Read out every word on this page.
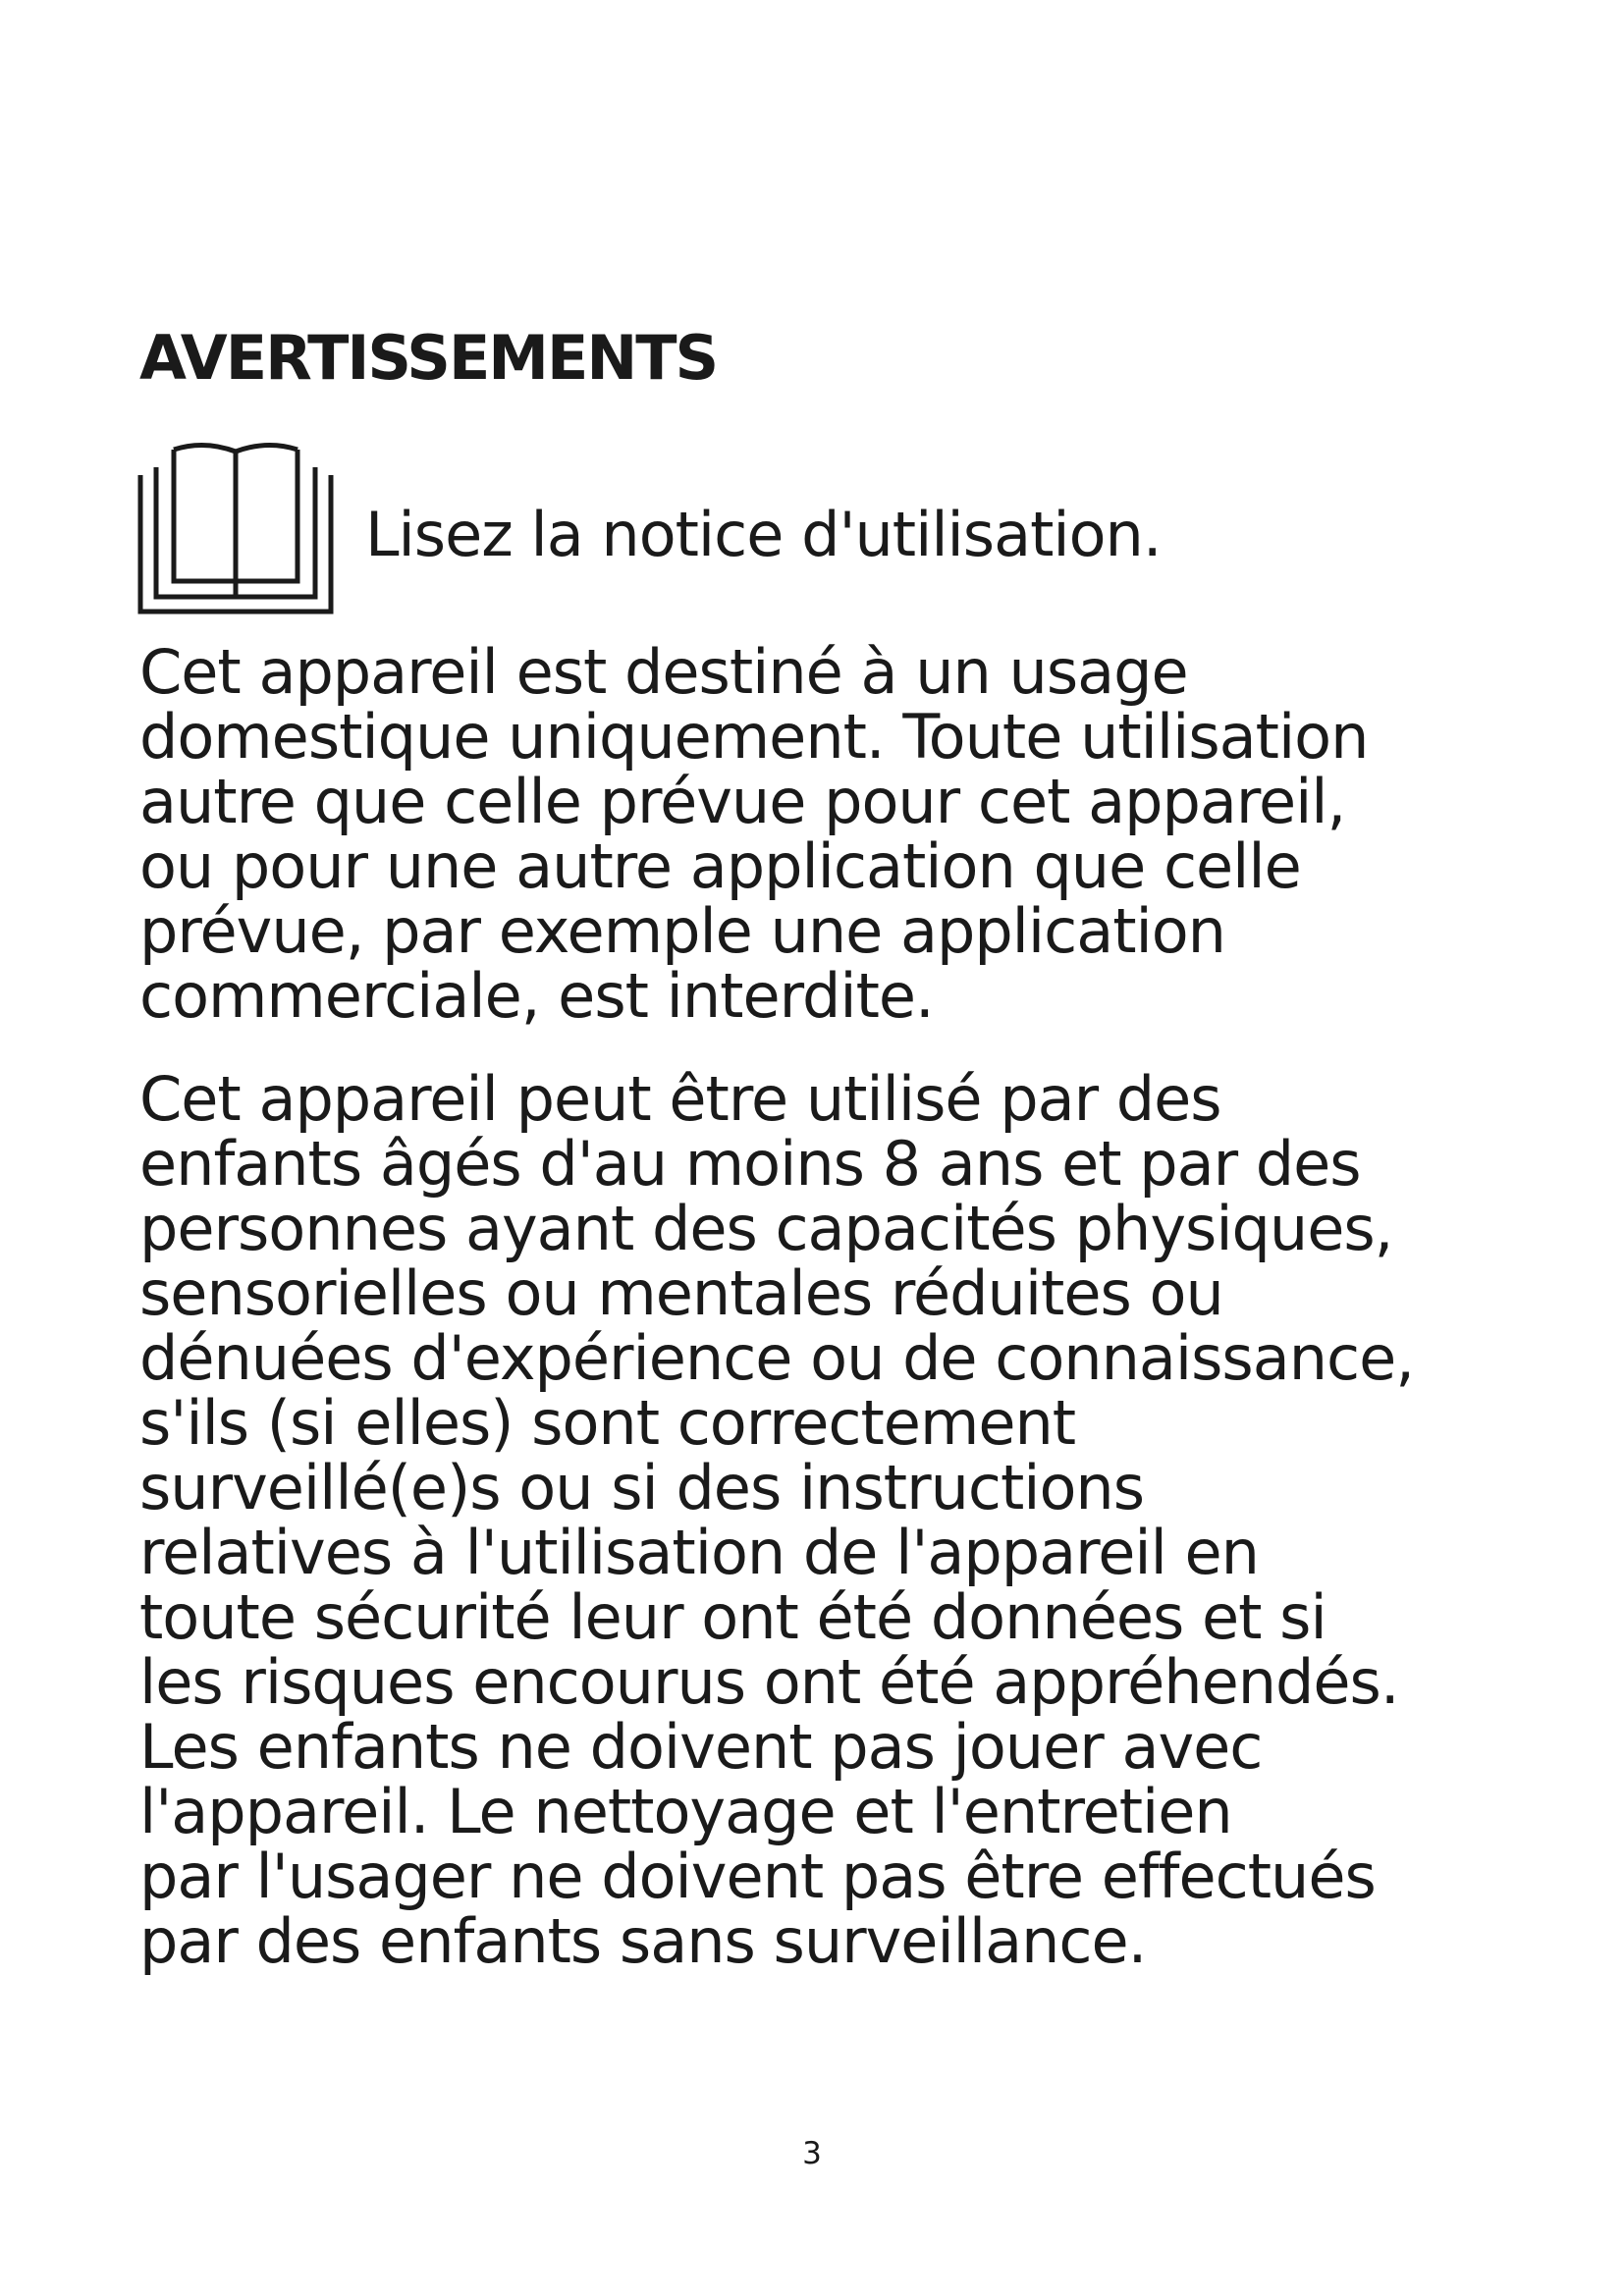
AVERTISSEMENTS
Lisez la notice d'utilisation.

Cet appareil est destiné à un usage
domestique uniquement. Toute utilisation
autre que celle prévue pour cet appareil,
ou pour une autre application que celle
prévue, par exemple une application
commerciale, est interdite.

Cet appareil peut être utilisé par des
enfants âgés d'au moins 8 ans et par des
personnes ayant des capacités physiques,
sensorielles ou mentales réduites ou
dénuées d'expérience ou de connaissance,
s'ils (si elles) sont correctement
surveillé(e)s ou si des instructions
relatives à l'utilisation de l'appareil en
toute sécurité leur ont été données et si
les risques encourus ont été appréhendés.
Les enfants ne doivent pas jouer avec
l'appareil. Le nettoyage et l'entretien
par l'usager ne doivent pas être effectués
par des enfants sans surveillance.

3
